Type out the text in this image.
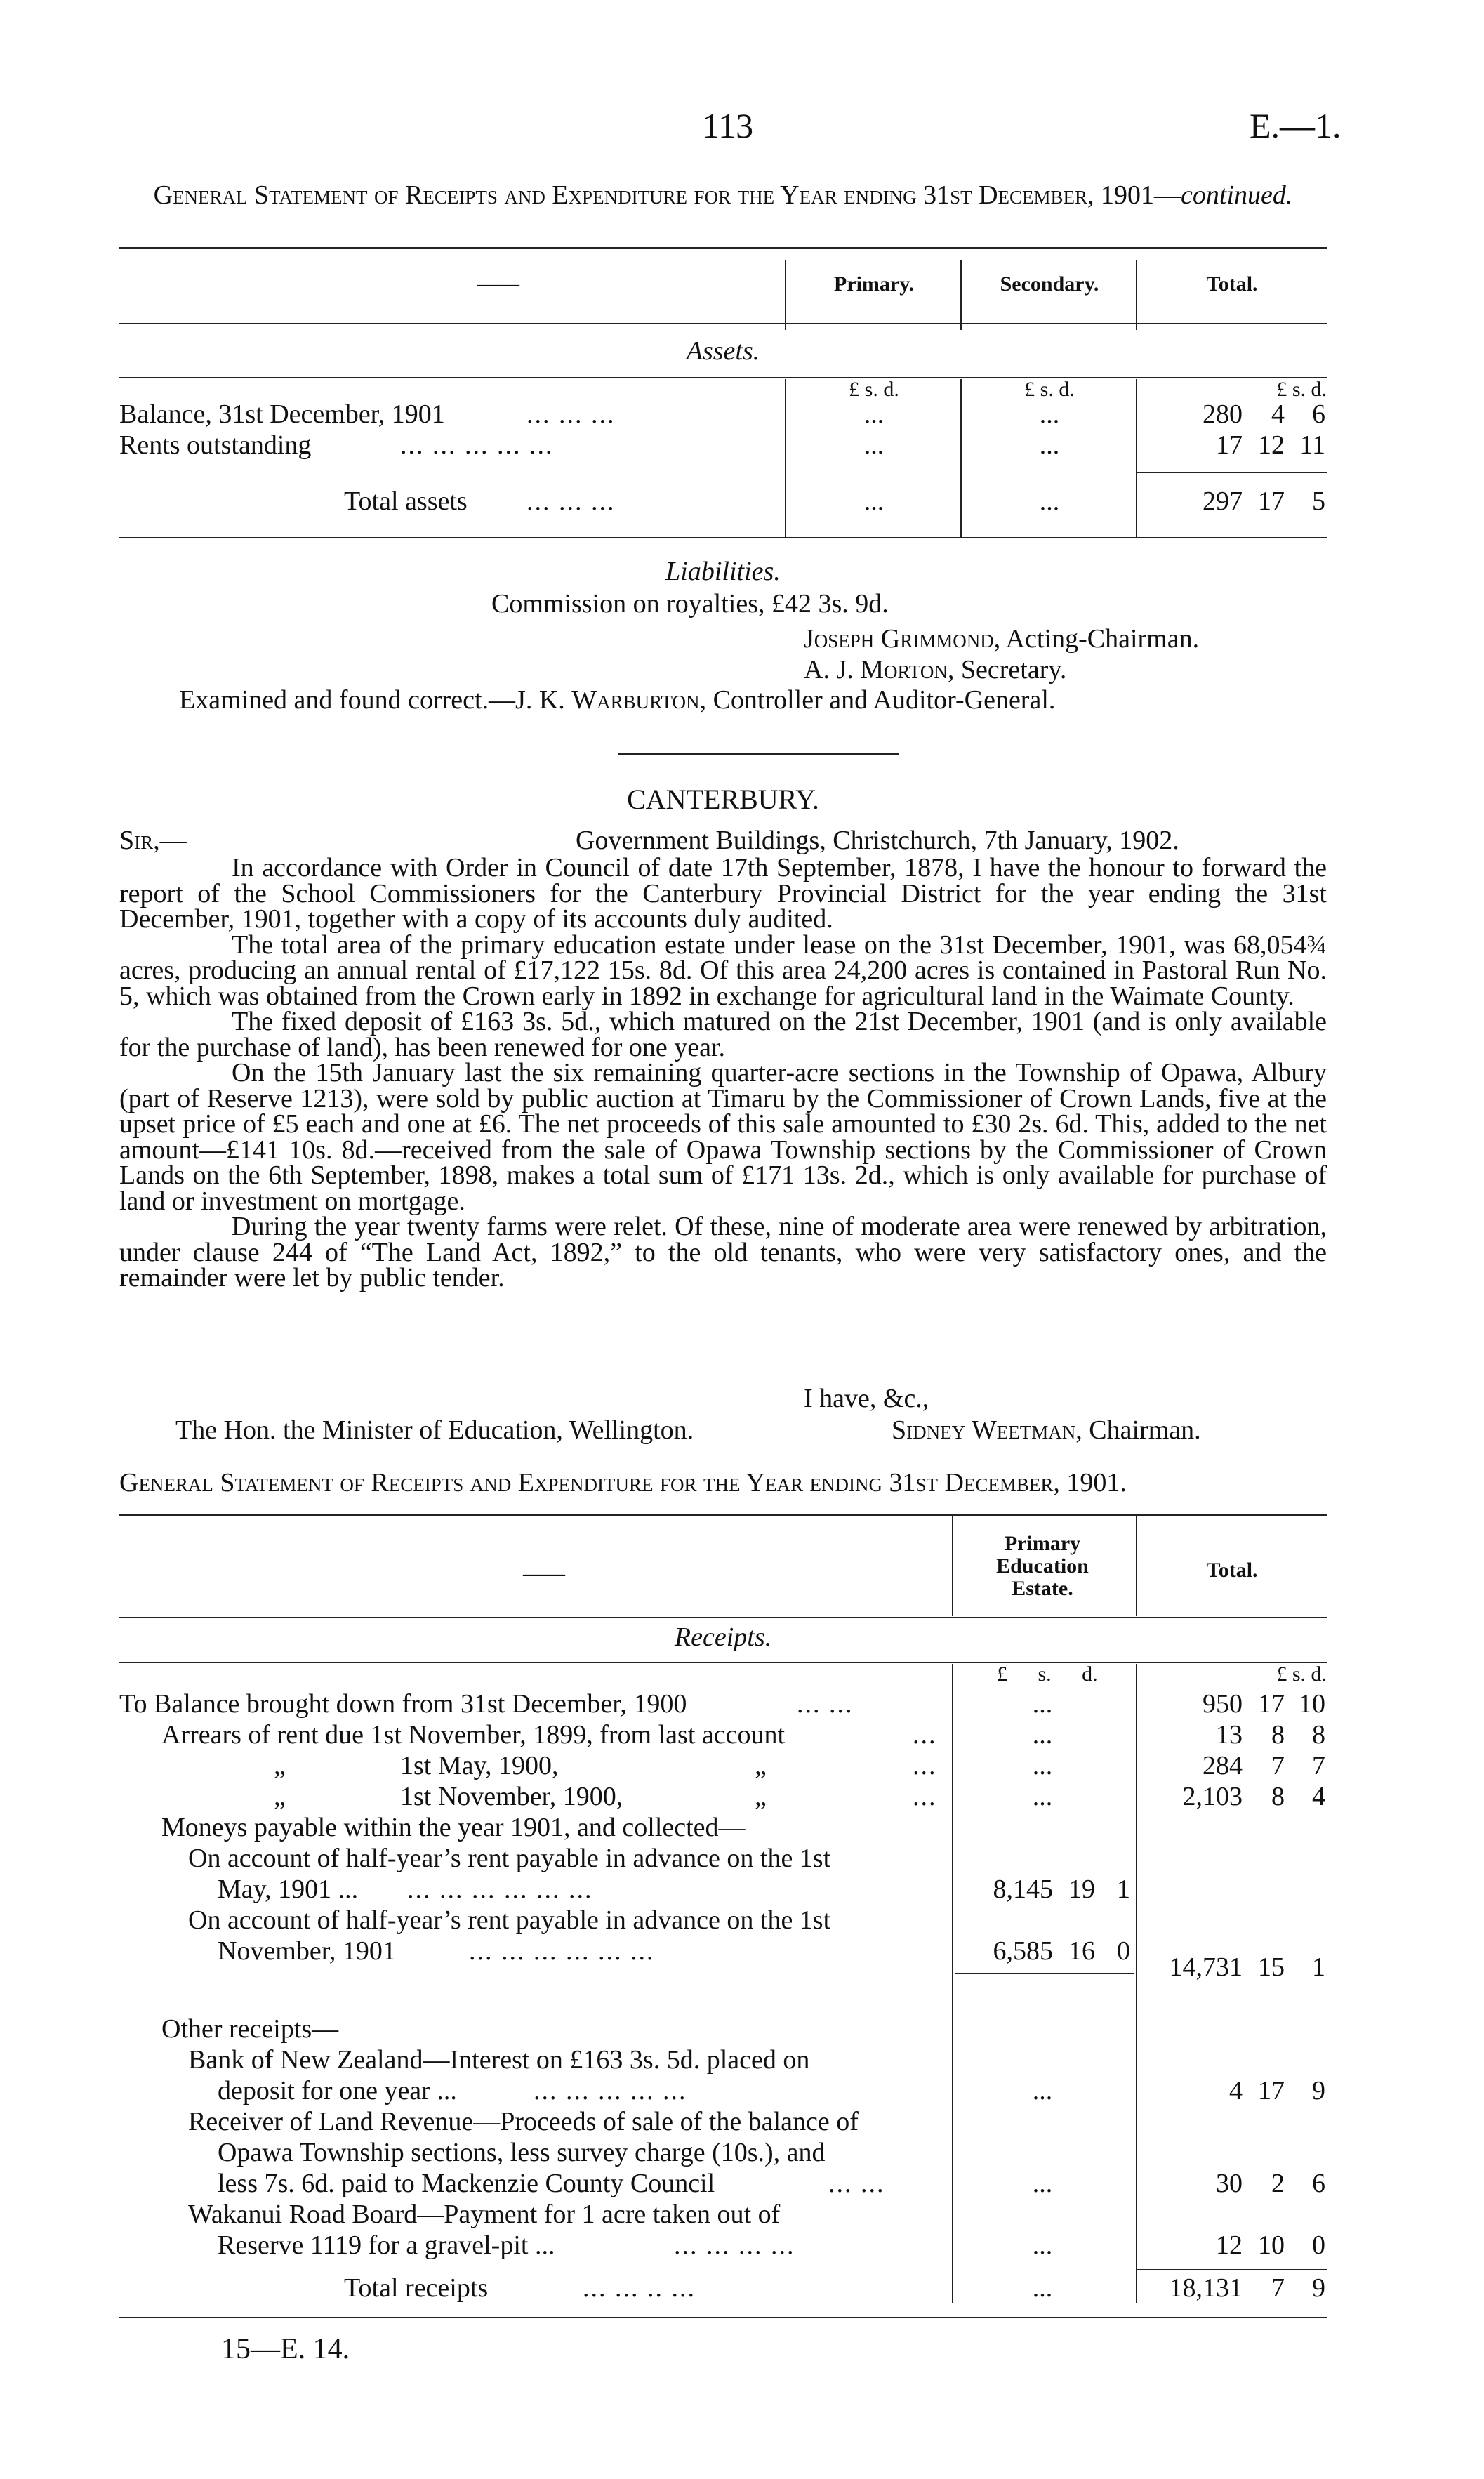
113	E.—1.
General Statement of Receipts and Expenditure for the Year ending 31st December, 1901—continued.
——	Primary.	Secondary.	Total.
Assets.
£ s. d.	£ s. d.	£ s. d.
Balance, 31st December, 1901	... ... ...	...	...	280	4	6
Rents outstanding	... ... ... ... ...	...	...	17 12 11
Total assets ... ... ...	...	...	297 17	5
Liabilities.
Commission on royalties, £42 3s. 9d.
Joseph Grimmond, Acting-Chairman.
A. J. Morton, Secretary.
Examined and found correct.—J. K. Warburton, Controller and Auditor-General.
CANTERBURY.
Sir,—	Government Buildings, Christchurch, 7th January, 1902.

In accordance with Order in Council of date 17th September, 1878, I have the honour to forward the report of the School Commissioners for the Canterbury Provincial District for the year ending the 31st December, 1901, together with a copy of its accounts duly audited.

The total area of the primary education estate under lease on the 31st December, 1901, was 68,054¾ acres, producing an annual rental of £17,122 15s. 8d. Of this area 24,200 acres is contained in Pastoral Run No. 5, which was obtained from the Crown early in 1892 in exchange for agricultural land in the Waimate County.

The fixed deposit of £163 3s. 5d., which matured on the 21st December, 1901 (and is only available for the purchase of land), has been renewed for one year.

On the 15th January last the six remaining quarter-acre sections in the Township of Opawa, Albury (part of Reserve 1213), were sold by public auction at Timaru by the Commissioner of Crown Lands, five at the upset price of £5 each and one at £6. The net proceeds of this sale amounted to £30 2s. 6d. This, added to the net amount—£141 10s. 8d.—received from the sale of Opawa Township sections by the Commissioner of Crown Lands on the 6th September, 1898, makes a total sum of £171 13s. 2d., which is only available for purchase of land or investment on mortgage.

During the year twenty farms were relet. Of these, nine of moderate area were renewed by arbitration, under clause 244 of “The Land Act, 1892,” to the old tenants, who were very satisfactory ones, and the remainder were let by public tender.

I have, &c.,
The Hon. the Minister of Education, Wellington.	Sidney Weetman, Chairman.
General Statement of Receipts and Expenditure for the Year ending 31st December, 1901.
——
Primary Education Estate.
Total.
Receipts.
£ s. d.	£ s. d.
To Balance brought down from 31st December, 1900	... ...	...	950 17 10
Arrears of rent due 1st November, 1899, from last account	...	...	13	8	8
„	1st May, 1900,	„	...	...	284	7	7
„	1st November, 1900,	„	...	...	2,103	8	4
Moneys payable within the year 1901, and collected—
On account of half-year’s rent payable in advance on the 1st
May, 1901 ... ... ... ... ... ... ...	8,145 19 1
On account of half-year’s rent payable in advance on the 1st
November, 1901	... ... ... ... ... ...	6,585 16 0
14,731 15	1
Other receipts—
Bank of New Zealand—Interest on £163 3s. 5d. placed on
deposit for one year ...	... ... ... ... ...	...	4 17	9
Receiver of Land Revenue—Proceeds of sale of the balance of
Opawa Township sections, less survey charge (10s.), and
less 7s. 6d. paid to Mackenzie County Council	... ...	...	30	2	6
Wakanui Road Board—Payment for 1 acre taken out of
Reserve 1119 for a gravel-pit ...	... ... ... ...	...	12 10	0
Total receipts	... ... .. ...	...	18,131	7	9
15—E. 14.
